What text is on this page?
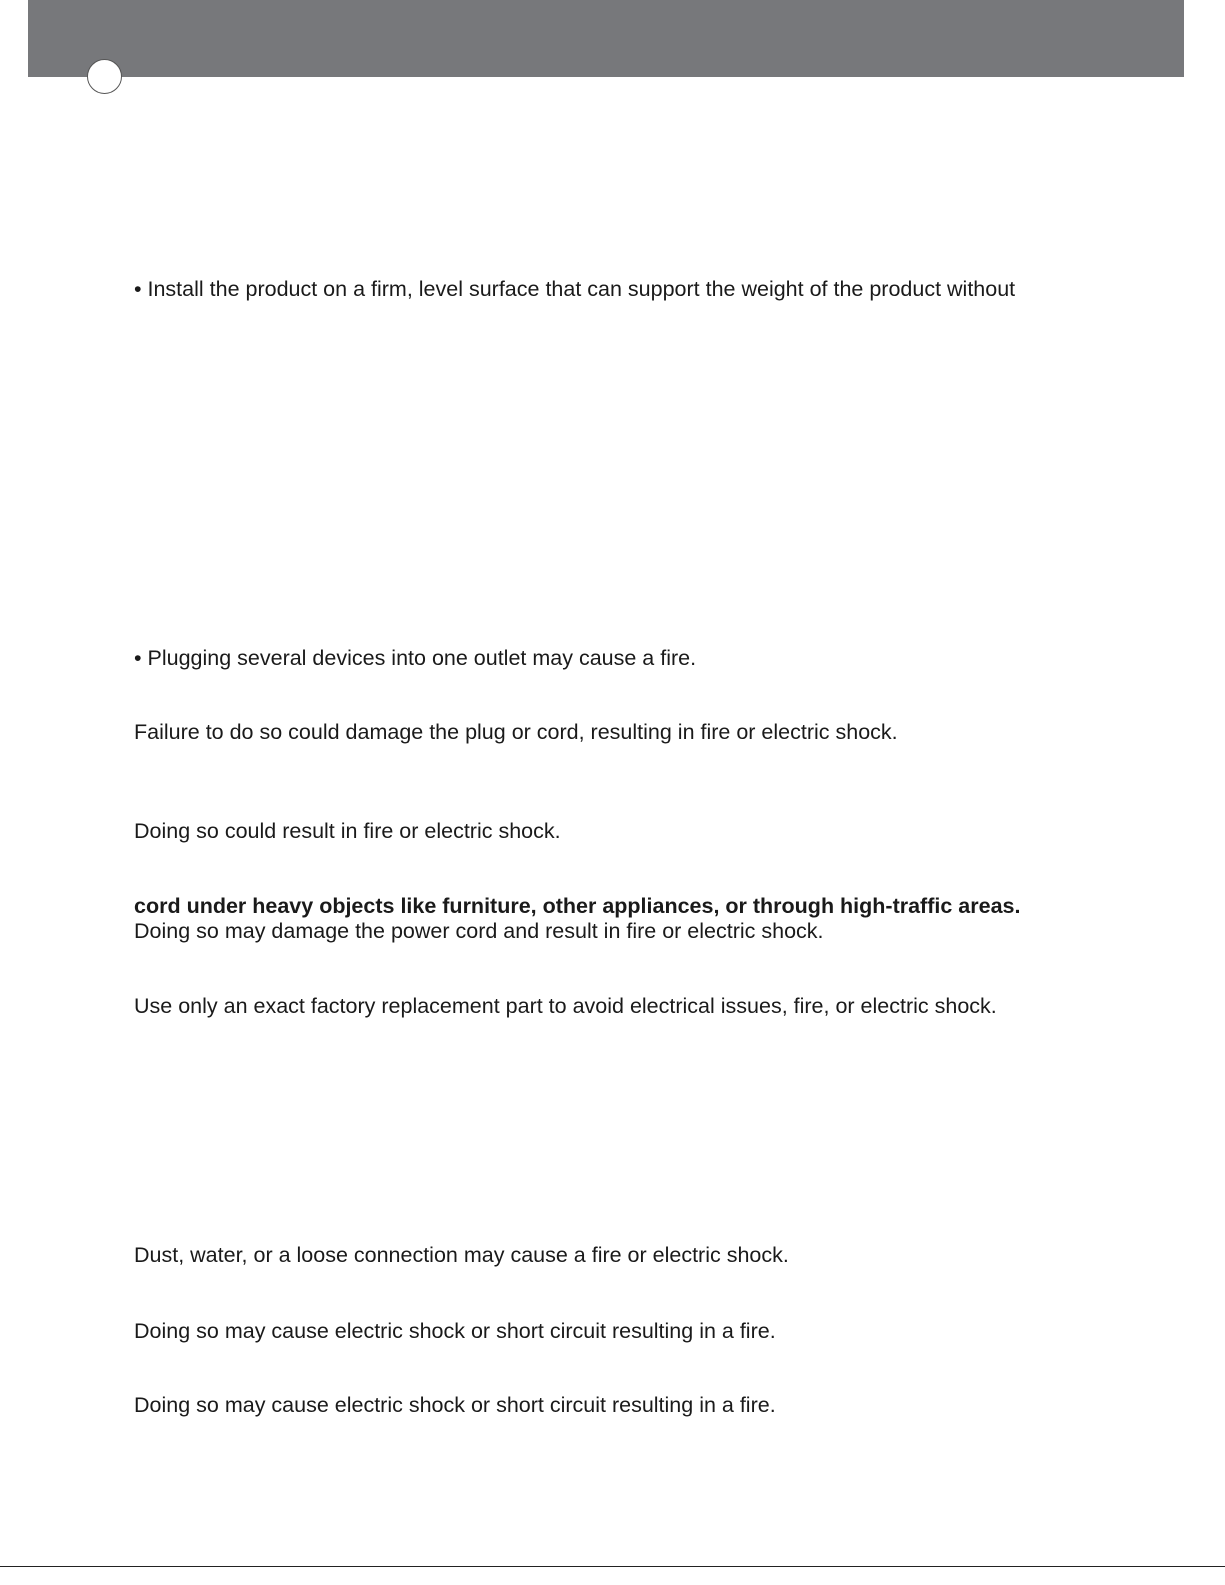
• Install the product on a firm, level surface that can support the weight of the product without
• Plugging several devices into one outlet may cause a fire.
Failure to do so could damage the plug or cord, resulting in fire or electric shock.
Doing so could result in fire or electric shock.
cord under heavy objects like furniture, other appliances, or through high-traffic areas.
Doing so may damage the power cord and result in fire or electric shock.
Use only an exact factory replacement part to avoid electrical issues, fire, or electric shock.
Dust, water, or a loose connection may cause a fire or electric shock.
Doing so may cause electric shock or short circuit resulting in a fire.
Doing so may cause electric shock or short circuit resulting in a fire.
